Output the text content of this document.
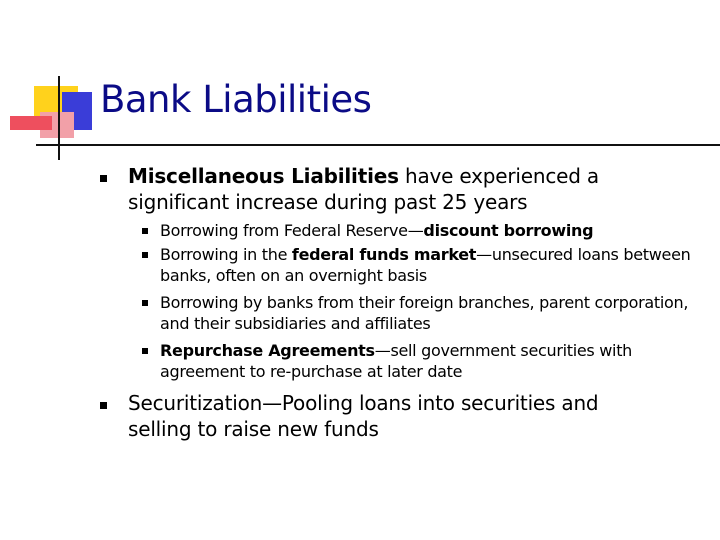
Bank Liabilities
Miscellaneous Liabilities have experienced a significant increase during past 25 years
Borrowing from Federal Reserve—discount borrowing
Borrowing in the federal funds market—unsecured loans between banks, often on an overnight basis
Borrowing by banks from their foreign branches, parent corporation, and their subsidiaries and affiliates
Repurchase Agreements—sell government securities with agreement to re-purchase at later date
Securitization—Pooling loans into securities and selling to raise new funds
